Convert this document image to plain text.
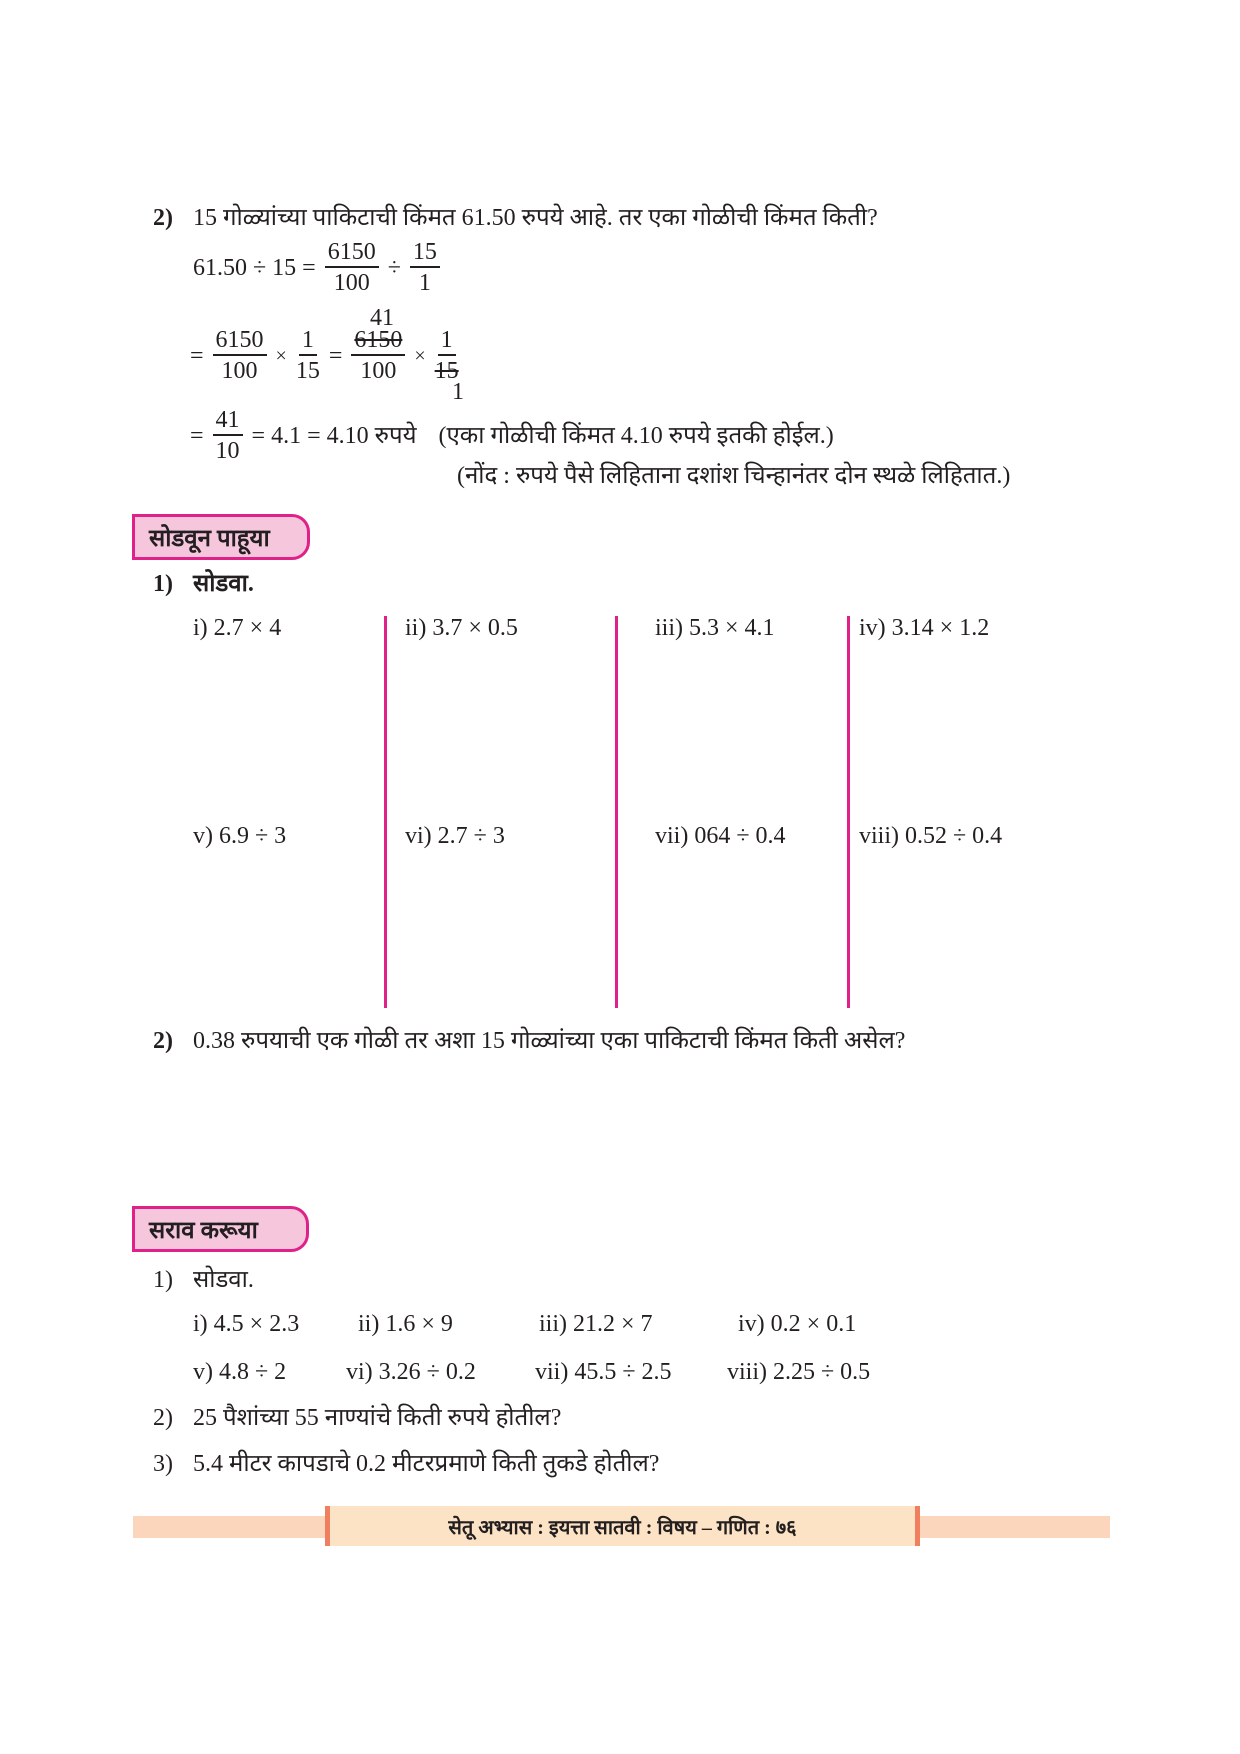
2) 15 गोळ्यांच्या पाकिटाची किंमत 61.50 रुपये आहे. तर एका गोळीची किंमत किती?
$61.50 \div 15 = \frac{6150}{100} \div \frac{15}{1}$
41
= $\frac{6150}{100} \times \frac{1}{15} = \frac{6150}{100} \times \frac{1}{15}$
1
= $\frac{41}{10} = 4.1 = 4.10$ रुपये (एका गोळीची किंमत 4.10 रुपये इतकी होईल.)
(नोंद : रुपये पैसे लिहिताना दशांश चिन्हानंतर दोन स्थळे लिहितात.)
सोडवून पाहूया
1) सोडवा.
i) 2.7 × 4	ii) 3.7 × 0.5	iii) 5.3 × 4.1	iv) 3.14 × 1.2
v) 6.9 ÷ 3	vi) 2.7 ÷ 3	vii) 064 ÷ 0.4	viii) 0.52 ÷ 0.4
2) 0.38 रुपयाची एक गोळी तर अशा 15 गोळ्यांच्या एका पाकिटाची किंमत किती असेल?
सराव करूया
1) सोडवा.
i) 4.5 × 2.3 ii) 1.6 × 9	iii) 21.2 × 7	iv) 0.2 × 0.1
v) 4.8 ÷ 2 vi) 3.26 ÷ 0.2 vii) 45.5 ÷ 2.5 viii) 2.25 ÷ 0.5
2) 25 पैशांच्या 55 नाण्यांचे किती रुपये होतील?
3) 5.4 मीटर कापडाचे 0.2 मीटरप्रमाणे किती तुकडे होतील?
सेतू अभ्यास : इयत्ता सातवी : विषय – गणित : ७६
